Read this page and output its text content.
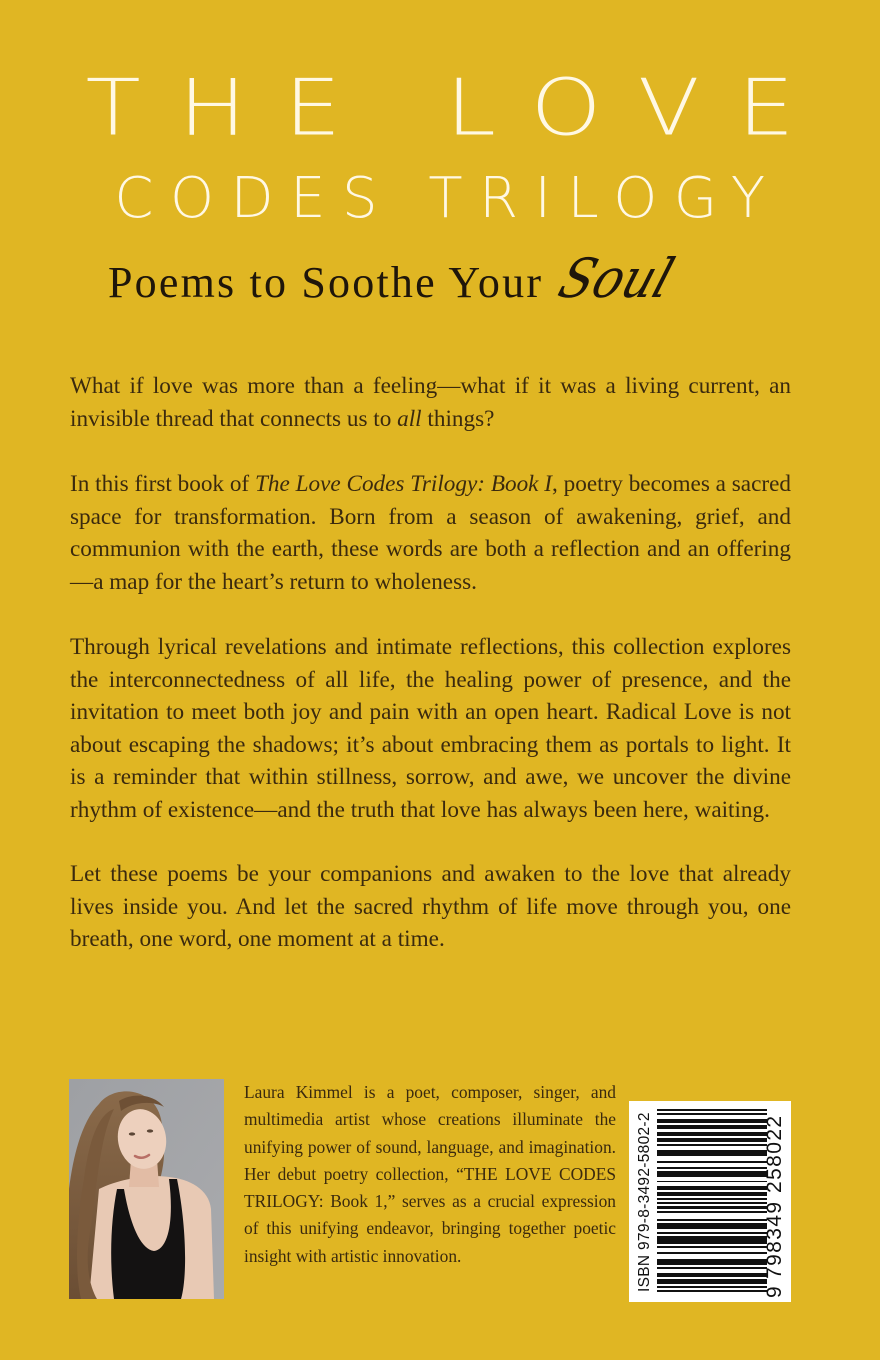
THE LOVE
CODES TRILOGY
Poems to Soothe Your Soul

What if love was more than a feeling—what if it was a living current, an invisible thread that connects us to all things?

In this first book of The Love Codes Trilogy: Book I, poetry becomes a sacred space for transformation. Born from a season of awakening, grief, and communion with the earth, these words are both a reflection and an offering—a map for the heart’s return to wholeness.

Through lyrical revelations and intimate reflections, this collection explores the interconnectedness of all life, the healing power of presence, and the invitation to meet both joy and pain with an open heart. Radical Love is not about escaping the shadows; it’s about embracing them as portals to light. It is a reminder that within stillness, sorrow, and awe, we uncover the divine rhythm of existence—and the truth that love has always been here, waiting.

Let these poems be your companions and awaken to the love that already lives inside you. And let the sacred rhythm of life move through you, one breath, one word, one moment at a time.

Laura Kimmel is a poet, composer, singer, and multimedia artist whose creations illuminate the unifying power of sound, language, and imagination. Her debut poetry collection, “THE LOVE CODES TRILOGY: Book 1,” serves as a crucial expression of this unifying endeavor, bringing together poetic insight with artistic innovation.	ISBN 979-8-3492-5802-2
9
798349
258022
